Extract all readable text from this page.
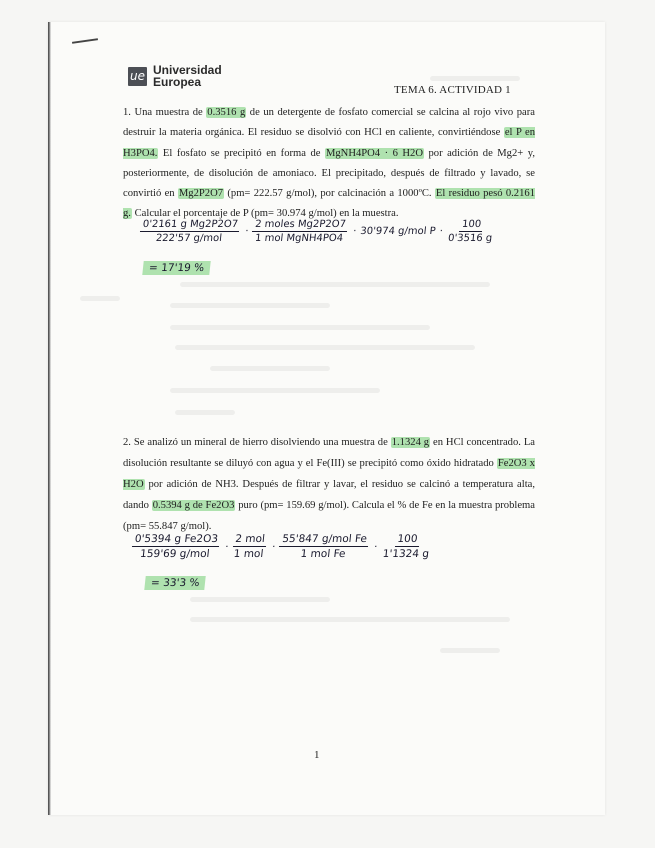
ue Universidad
Europea
TEMA 6. ACTIVIDAD 1
1. Una muestra de 0.3516 g de un detergente de fosfato comercial se calcina al rojo vivo para destruir la materia orgánica. El residuo se disolvió con HCl en caliente, convirtiéndose el P en H3PO4. El fosfato se precipitó en forma de MgNH4PO4 · 6 H2O por adición de Mg2+ y, posteriormente, de disolución de amoniaco. El precipitado, después de filtrado y lavado, se convirtió en Mg2P2O7 (pm= 222.57 g/mol), por calcinación a 1000ºC. El residuo pesó 0.2161 g. Calcular el porcentaje de P (pm= 30.974 g/mol) en la muestra.
$\frac{\text{0'2161 g Mg2P2O7}}{\text{222'57 g/mol}} \cdot \frac{\text{2 moles Mg2P2O7}}{\text{1 mol MgNH4PO4}} \cdot 30'974$ g/mol $P \cdot \frac{100}{0'3516 g}$
= 17'19 %
2. Se analizó un mineral de hierro disolviendo una muestra de 1.1324 g en HCl concentrado. La disolución resultante se diluyó con agua y el Fe(III) se precipitó como óxido hidratado Fe2O3 x H2O por adición de NH3. Después de filtrar y lavar, el residuo se calcinó a temperatura alta, dando 0.5394 g de Fe2O3 puro (pm= 159.69 g/mol). Calcula el % de Fe en la muestra problema (pm= 55.847 g/mol).
$\frac{\text{0'5394 g Fe2O3}}{\text{159'69 g/mol}} \cdot \frac{\text{2 mol}}{\text{1 mol}} \cdot \frac{\text{55'847 g/mol Fe}}{\text{1 mol Fe}} \cdot \frac{100}{1'1324 g}$
= 33'3 %
1
